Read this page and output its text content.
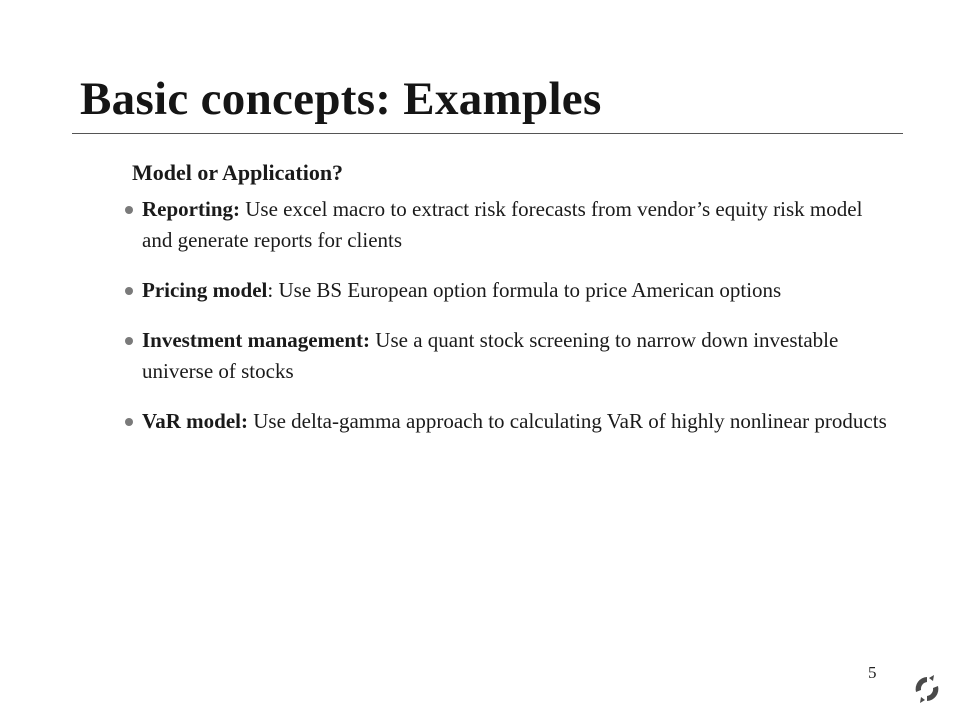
Basic concepts: Examples
Model or Application?
Reporting: Use excel macro to extract risk forecasts from vendor’s equity risk model and generate reports for clients
Pricing model: Use BS European option formula to price American options
Investment management: Use a quant stock screening to narrow down investable universe of stocks
VaR model: Use delta-gamma approach to calculating VaR of highly nonlinear products
5
